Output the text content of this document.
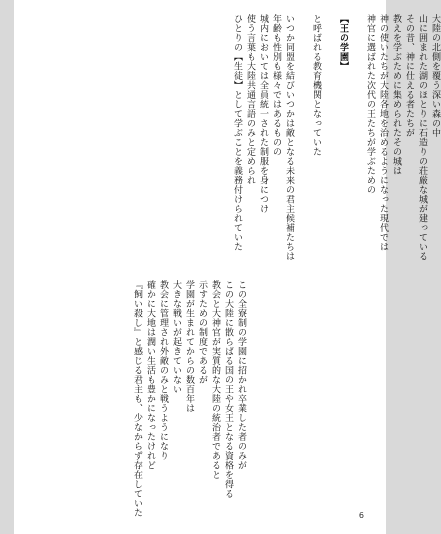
大陸の北側を覆う深い森の中
山に囲まれた湖のほとりに石造りの荘厳な城が建っている
その昔、神に仕える者たちが
教えを学ぶために集められたその城は
神の使いたちが大陸各地を治めるようになった現代では
神官に選ばれた次代の王たちが学ぶための
【王の学園】
と呼ばれる教育機関となっていた
いつか同盟を結びいつかは敵となる未来の君主候補たちは
年齢も性別も様々ではあるものの
城内においては全員統一された制服を身につけ
使う言葉も大陸共通言語のみと定められ
ひとりの【生徒】として学ぶことを義務付けられていた
この全寮制の学園に招かれ卒業した者のみが
この大陸に散らばる国の王や女王となる資格を得る
教会と大神官が実質的な大陸の統治者であると
示すための制度であるが
学園が生まれてからの数百年は
大きな戦いが起きていない
教会に管理され外敵のみと戦うようになり
確かに大地は潤い生活も豊かになったけれど
『飼い殺し』と感じる君主も、少なからず存在していた	6
